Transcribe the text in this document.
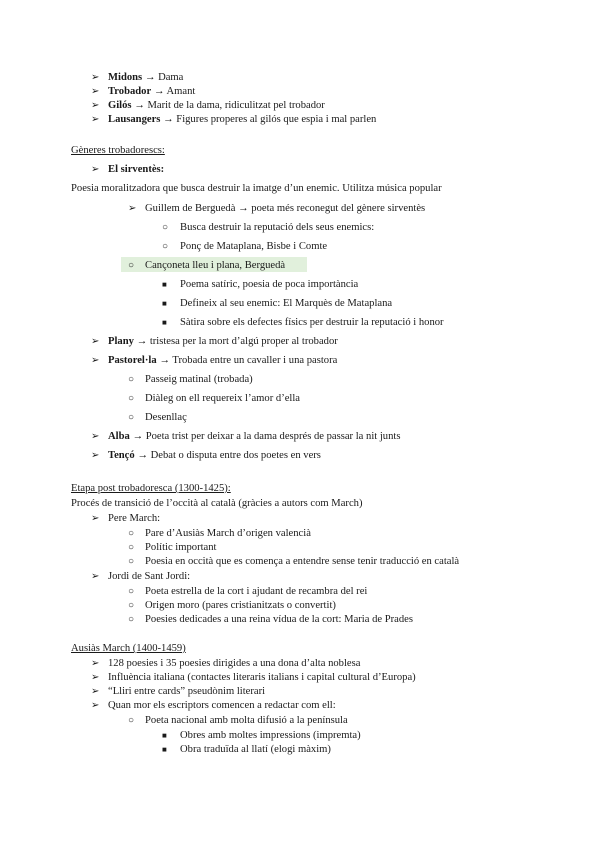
➢ Midons → Dama
➢ Trobador → Amant
➢ Gilós → Marit de la dama, ridiculitzat pel trobador
➢ Lausangers → Figures properes al gilós que espia i mal parlen
Gèneres trobadorescs:
➢ El sirventès:
Poesia moralitzadora que busca destruir la imatge d’un enemic. Utilitza música popular
➢ Guillem de Berguedà → poeta més reconegut del gènere sirventès
○ Busca destruir la reputació dels seus enemics:
○ Ponç de Mataplana, Bisbe i Comte
○ Cançoneta lleu i plana, Berguedà
■ Poema satíric, poesia de poca importància
■ Defineix al seu enemic: El Marquès de Mataplana
■ Sàtira sobre els defectes físics per destruir la reputació i honor
➢ Plany → tristesa per la mort d’algú proper al trobador
➢ Pastorel·la → Trobada entre un cavaller i una pastora
○ Passeig matinal (trobada)
○ Diàleg on ell requereix l’amor d’ella
○ Desenllaç
➢ Alba → Poeta trist per deixar a la dama després de passar la nit junts
➢ Tençó → Debat o disputa entre dos poetes en vers
Etapa post trobadoresca (1300-1425):
Procés de transició de l’occità al català (gràcies a autors com March)
➢ Pere March:
○ Pare d’Ausiàs March d’origen valencià
○ Polític important
○ Poesia en occità que es comença a entendre sense tenir traducció en català
➢ Jordi de Sant Jordi:
○ Poeta estrella de la cort i ajudant de recambra del rei
○ Origen moro (pares cristianitzats o convertit)
○ Poesies dedicades a una reina vídua de la cort: Maria de Prades
Ausiàs March (1400-1459)
➢ 128 poesies i 35 poesies dirigides a una dona d’alta noblesa
➢ Influència italiana (contactes literaris italians i capital cultural d’Europa)
➢ “Lliri entre cards” pseudònim literari
➢ Quan mor els escriptors comencen a redactar com ell:
○ Poeta nacional amb molta difusió a la península
■ Obres amb moltes impressions (impremta)
■ Obra traduïda al llatí (elogi màxim)
